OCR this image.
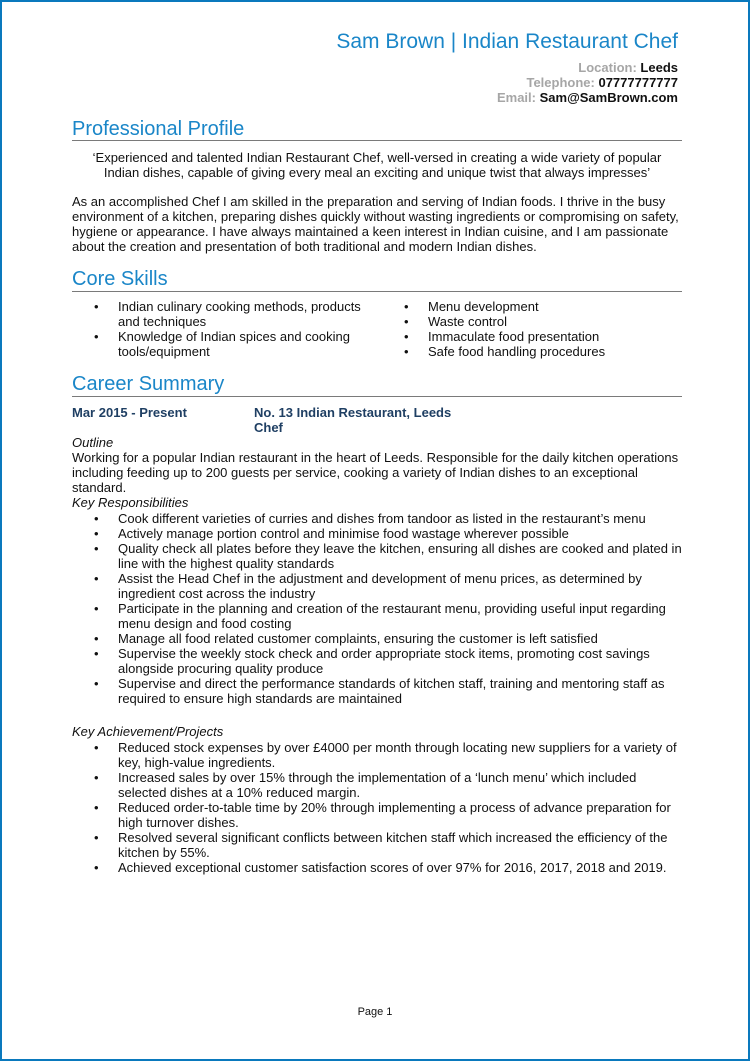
Sam Brown | Indian Restaurant Chef
Location: Leeds
Telephone: 07777777777
Email: Sam@SamBrown.com
Professional Profile
‘Experienced and talented Indian Restaurant Chef, well-versed in creating a wide variety of popular Indian dishes, capable of giving every meal an exciting and unique twist that always impresses’
As an accomplished Chef I am skilled in the preparation and serving of Indian foods. I thrive in the busy environment of a kitchen, preparing dishes quickly without wasting ingredients or compromising on safety, hygiene or appearance. I have always maintained a keen interest in Indian cuisine, and I am passionate about the creation and presentation of both traditional and modern Indian dishes.
Core Skills
• Indian culinary cooking methods, products and techniques
• Knowledge of Indian spices and cooking tools/equipment
• Menu development
• Waste control
• Immaculate food presentation
• Safe food handling procedures
Career Summary
Mar 2015 - Present	No. 13 Indian Restaurant, Leeds
Chef
Outline
Working for a popular Indian restaurant in the heart of Leeds. Responsible for the daily kitchen operations including feeding up to 200 guests per service, cooking a variety of Indian dishes to an exceptional standard.
Key Responsibilities
• Cook different varieties of curries and dishes from tandoor as listed in the restaurant’s menu
• Actively manage portion control and minimise food wastage wherever possible
• Quality check all plates before they leave the kitchen, ensuring all dishes are cooked and plated in line with the highest quality standards
• Assist the Head Chef in the adjustment and development of menu prices, as determined by ingredient cost across the industry
• Participate in the planning and creation of the restaurant menu, providing useful input regarding menu design and food costing
• Manage all food related customer complaints, ensuring the customer is left satisfied
• Supervise the weekly stock check and order appropriate stock items, promoting cost savings alongside procuring quality produce
• Supervise and direct the performance standards of kitchen staff, training and mentoring staff as required to ensure high standards are maintained
Key Achievement/Projects
• Reduced stock expenses by over £4000 per month through locating new suppliers for a variety of key, high-value ingredients.
• Increased sales by over 15% through the implementation of a ‘lunch menu’ which included selected dishes at a 10% reduced margin.
• Reduced order-to-table time by 20% through implementing a process of advance preparation for high turnover dishes.
• Resolved several significant conflicts between kitchen staff which increased the efficiency of the kitchen by 55%.
• Achieved exceptional customer satisfaction scores of over 97% for 2016, 2017, 2018 and 2019.
Page 1
